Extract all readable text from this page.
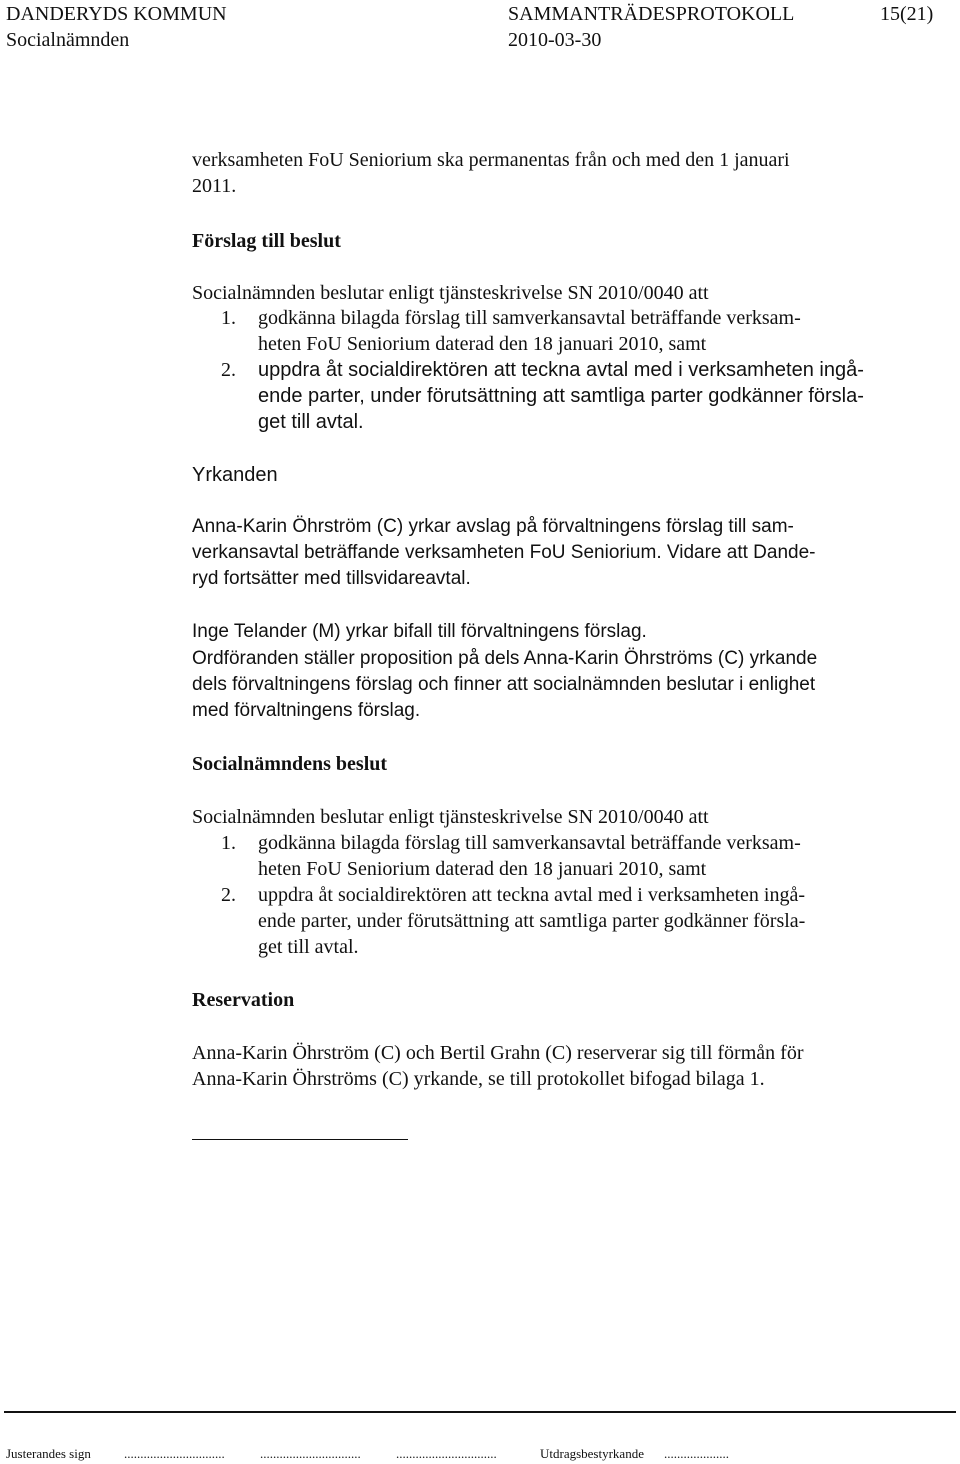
DANDERYDS KOMMUN
Socialnämnden
SAMMANTRÄDESPROTOKOLL
2010-03-30
15(21)
verksamheten FoU Seniorium ska permanentas från och med den 1 januari
2011.
Förslag till beslut
Socialnämnden beslutar enligt tjänsteskrivelse SN 2010/0040 att
1. godkänna bilagda förslag till samverkansavtal beträffande verksam-
heten FoU Seniorium daterad den 18 januari 2010, samt
2. uppdra åt socialdirektören att teckna avtal med i verksamheten ingå-
ende parter, under förutsättning att samtliga parter godkänner försla-
get till avtal.
Yrkanden
Anna-Karin Öhrström (C) yrkar avslag på förvaltningens förslag till sam-
verkansavtal beträffande verksamheten FoU Seniorium. Vidare att Dande-
ryd fortsätter med tillsvidareavtal.
Inge Telander (M) yrkar bifall till förvaltningens förslag.
Ordföranden ställer proposition på dels Anna-Karin Öhrströms (C) yrkande
dels förvaltningens förslag och finner att socialnämnden beslutar i enlighet
med förvaltningens förslag.
Socialnämndens beslut
Socialnämnden beslutar enligt tjänsteskrivelse SN 2010/0040 att
1. godkänna bilagda förslag till samverkansavtal beträffande verksam-
heten FoU Seniorium daterad den 18 januari 2010, samt
2. uppdra åt socialdirektören att teckna avtal med i verksamheten ingå-
ende parter, under förutsättning att samtliga parter godkänner försla-
get till avtal.
Reservation
Anna-Karin Öhrström (C) och Bertil Grahn (C) reserverar sig till förmån för
Anna-Karin Öhrströms (C) yrkande, se till protokollet bifogad bilaga 1.
Justerandes sign	...............................	...............................	...............................	Utdragsbestyrkande ....................
